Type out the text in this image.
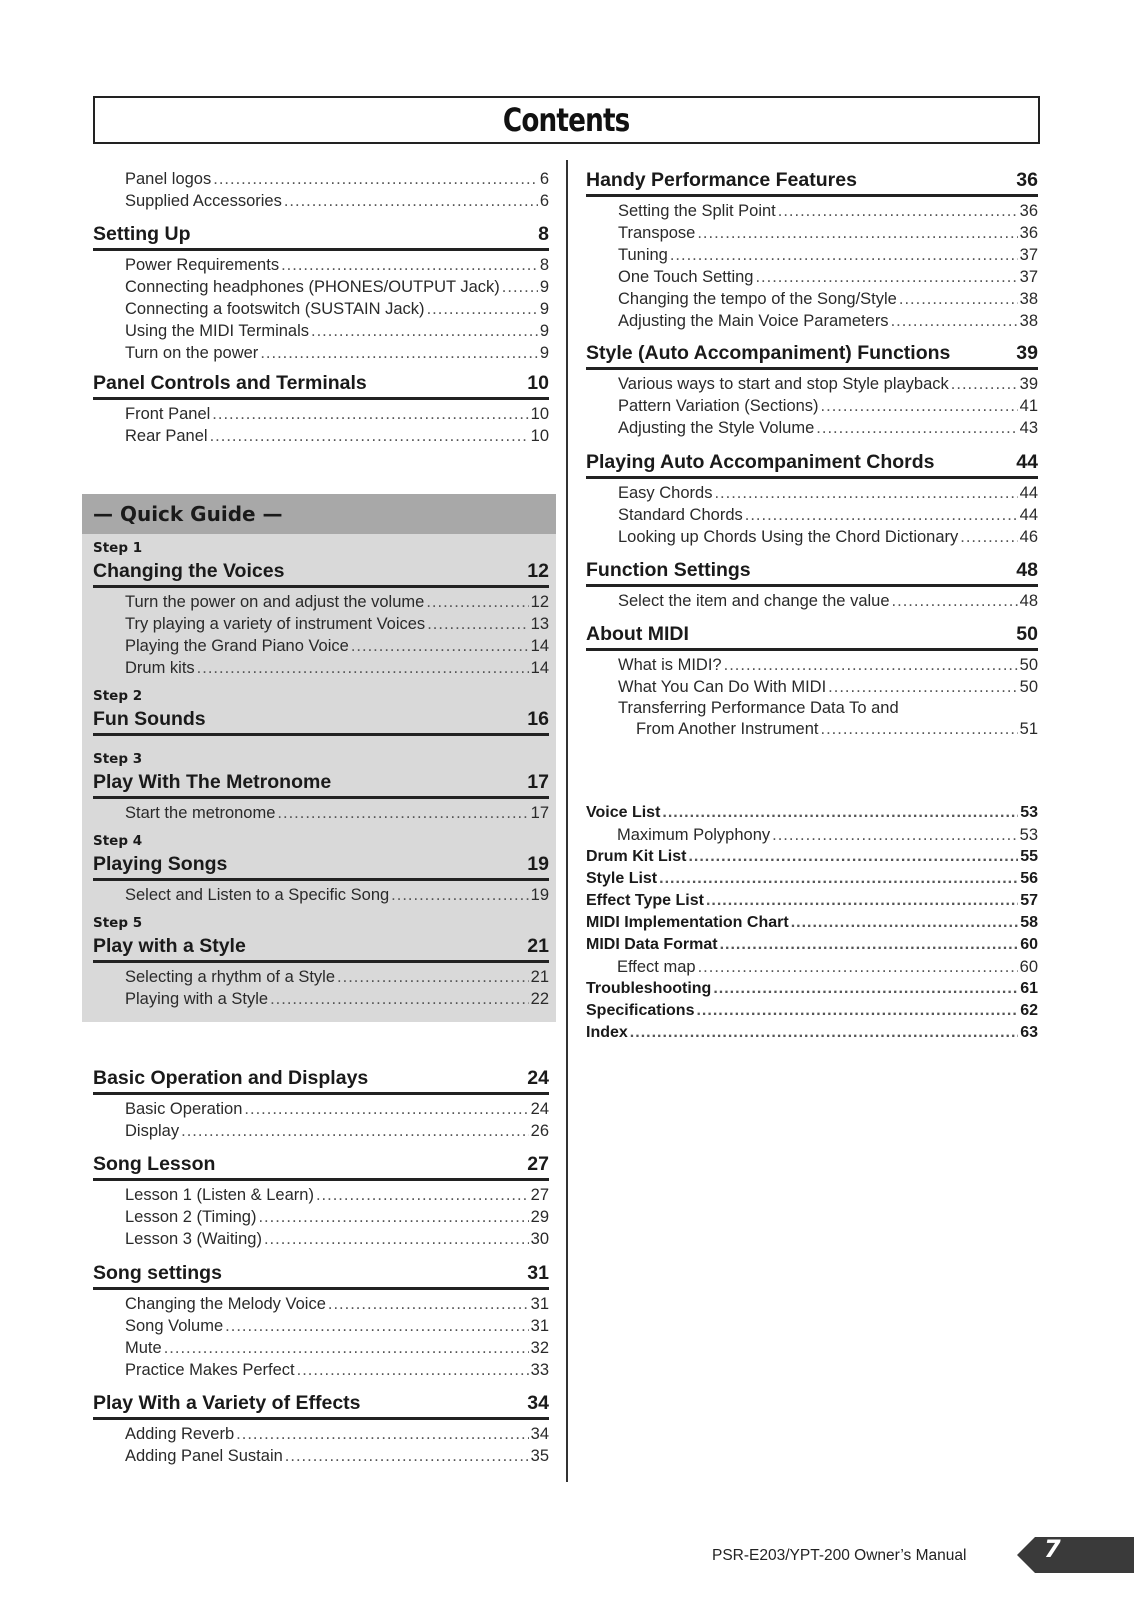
Contents
Panel logos .....	6
Supplied Accessories .....	6
Setting Up	8
Power Requirements .....	8
Connecting headphones (PHONES/OUTPUT Jack) ..... 9
Connecting a footswitch (SUSTAIN Jack) .....	9
Using the MIDI Terminals .....	9
Turn on the power .....	9
Panel Controls and Terminals	10
Front Panel .....	10
Rear Panel .....	10
— Quick Guide —
Step 1
Changing the Voices	12
Turn the power on and adjust the volume .....	12
Try playing a variety of instrument Voices .....	13
Playing the Grand Piano Voice .....	14
Drum kits .....	14
Step 2
Fun Sounds	16
Step 3
Play With The Metronome	17
Start the metronome .....	17
Step 4
Playing Songs	19
Select and Listen to a Specific Song .....	19
Step 5
Play with a Style	21
Selecting a rhythm of a Style .....	21
Playing with a Style .....	22
Basic Operation and Displays	24
Basic Operation .....	24
Display .....	26
Song Lesson	27
Lesson 1 (Listen & Learn) .....	27
Lesson 2 (Timing) .....	29
Lesson 3 (Waiting) .....	30
Song settings	31
Changing the Melody Voice .....	31
Song Volume .....	31
Mute .....	32
Practice Makes Perfect .....	33
Play With a Variety of Effects	34
Adding Reverb .....	34
Adding Panel Sustain .....	35
Handy Performance Features	36
Setting the Split Point .....	36
Transpose .....	36
Tuning .....	37
One Touch Setting .....	37
Changing the tempo of the Song/Style .....	38
Adjusting the Main Voice Parameters .....	38
Style (Auto Accompaniment) Functions	39
Various ways to start and stop Style playback .....	39
Pattern Variation (Sections) .....	41
Adjusting the Style Volume .....	43
Playing Auto Accompaniment Chords	44
Easy Chords .....	44
Standard Chords .....	44
Looking up Chords Using the Chord Dictionary .....	46
Function Settings	48
Select the item and change the value .....	48
About MIDI	50
What is MIDI? .....	50
What You Can Do With MIDI .....	50
Transferring Performance Data To and
From Another Instrument .....	51
Voice List .....	53
Maximum Polyphony .....	53
Drum Kit List .....	55
Style List .....	56
Effect Type List .....	57
MIDI Implementation Chart .....	58
MIDI Data Format .....	60
Effect map .....	60
Troubleshooting .....	61
Specifications .....	62
Index .....	63
PSR-E203/YPT-200 Owner’s Manual	7
